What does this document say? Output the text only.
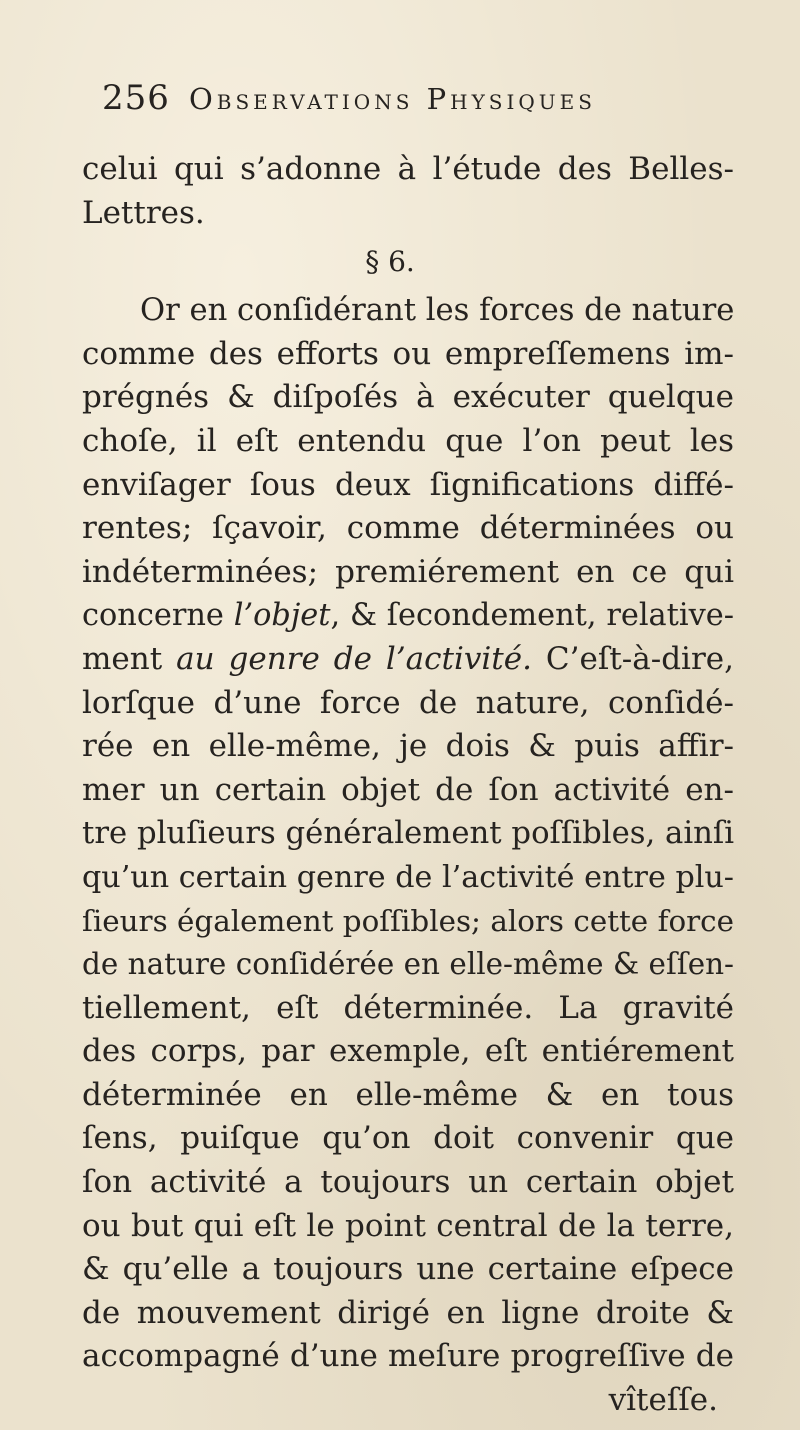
256 Observations Physiques
celui qui s’adonne à l’étude des Belles-
Lettres.
§ 6.
Or en conſidérant les forces de nature
comme des efforts ou empreſſemens im-
prégnés & diſpoſés à exécuter quelque
choſe, il eſt entendu que l’on peut les
enviſager ſous deux ſignifications diffé-
rentes; ſçavoir, comme déterminées ou
indéterminées; premiérement en ce qui
concerne l’objet, & ſecondement, relative-
ment au genre de l’activité. C’eſt-à-dire,
lorſque d’une force de nature, conſidé-
rée en elle-même, je dois & puis affir-
mer un certain objet de ſon activité en-
tre pluſieurs généralement poſſibles, ainſi
qu’un certain genre de l’activité entre plu-
ſieurs également poſſibles; alors cette force
de nature conſidérée en elle-même & eſſen-
tiellement, eſt déterminée. La gravité
des corps, par exemple, eſt entiérement
déterminée en elle-même & en tous
ſens, puiſque qu’on doit convenir que
ſon activité a toujours un certain objet
ou but qui eſt le point central de la terre,
& qu’elle a toujours une certaine eſpece
de mouvement dirigé en ligne droite &
accompagné d’une meſure progreſſive de
vîteſſe.
